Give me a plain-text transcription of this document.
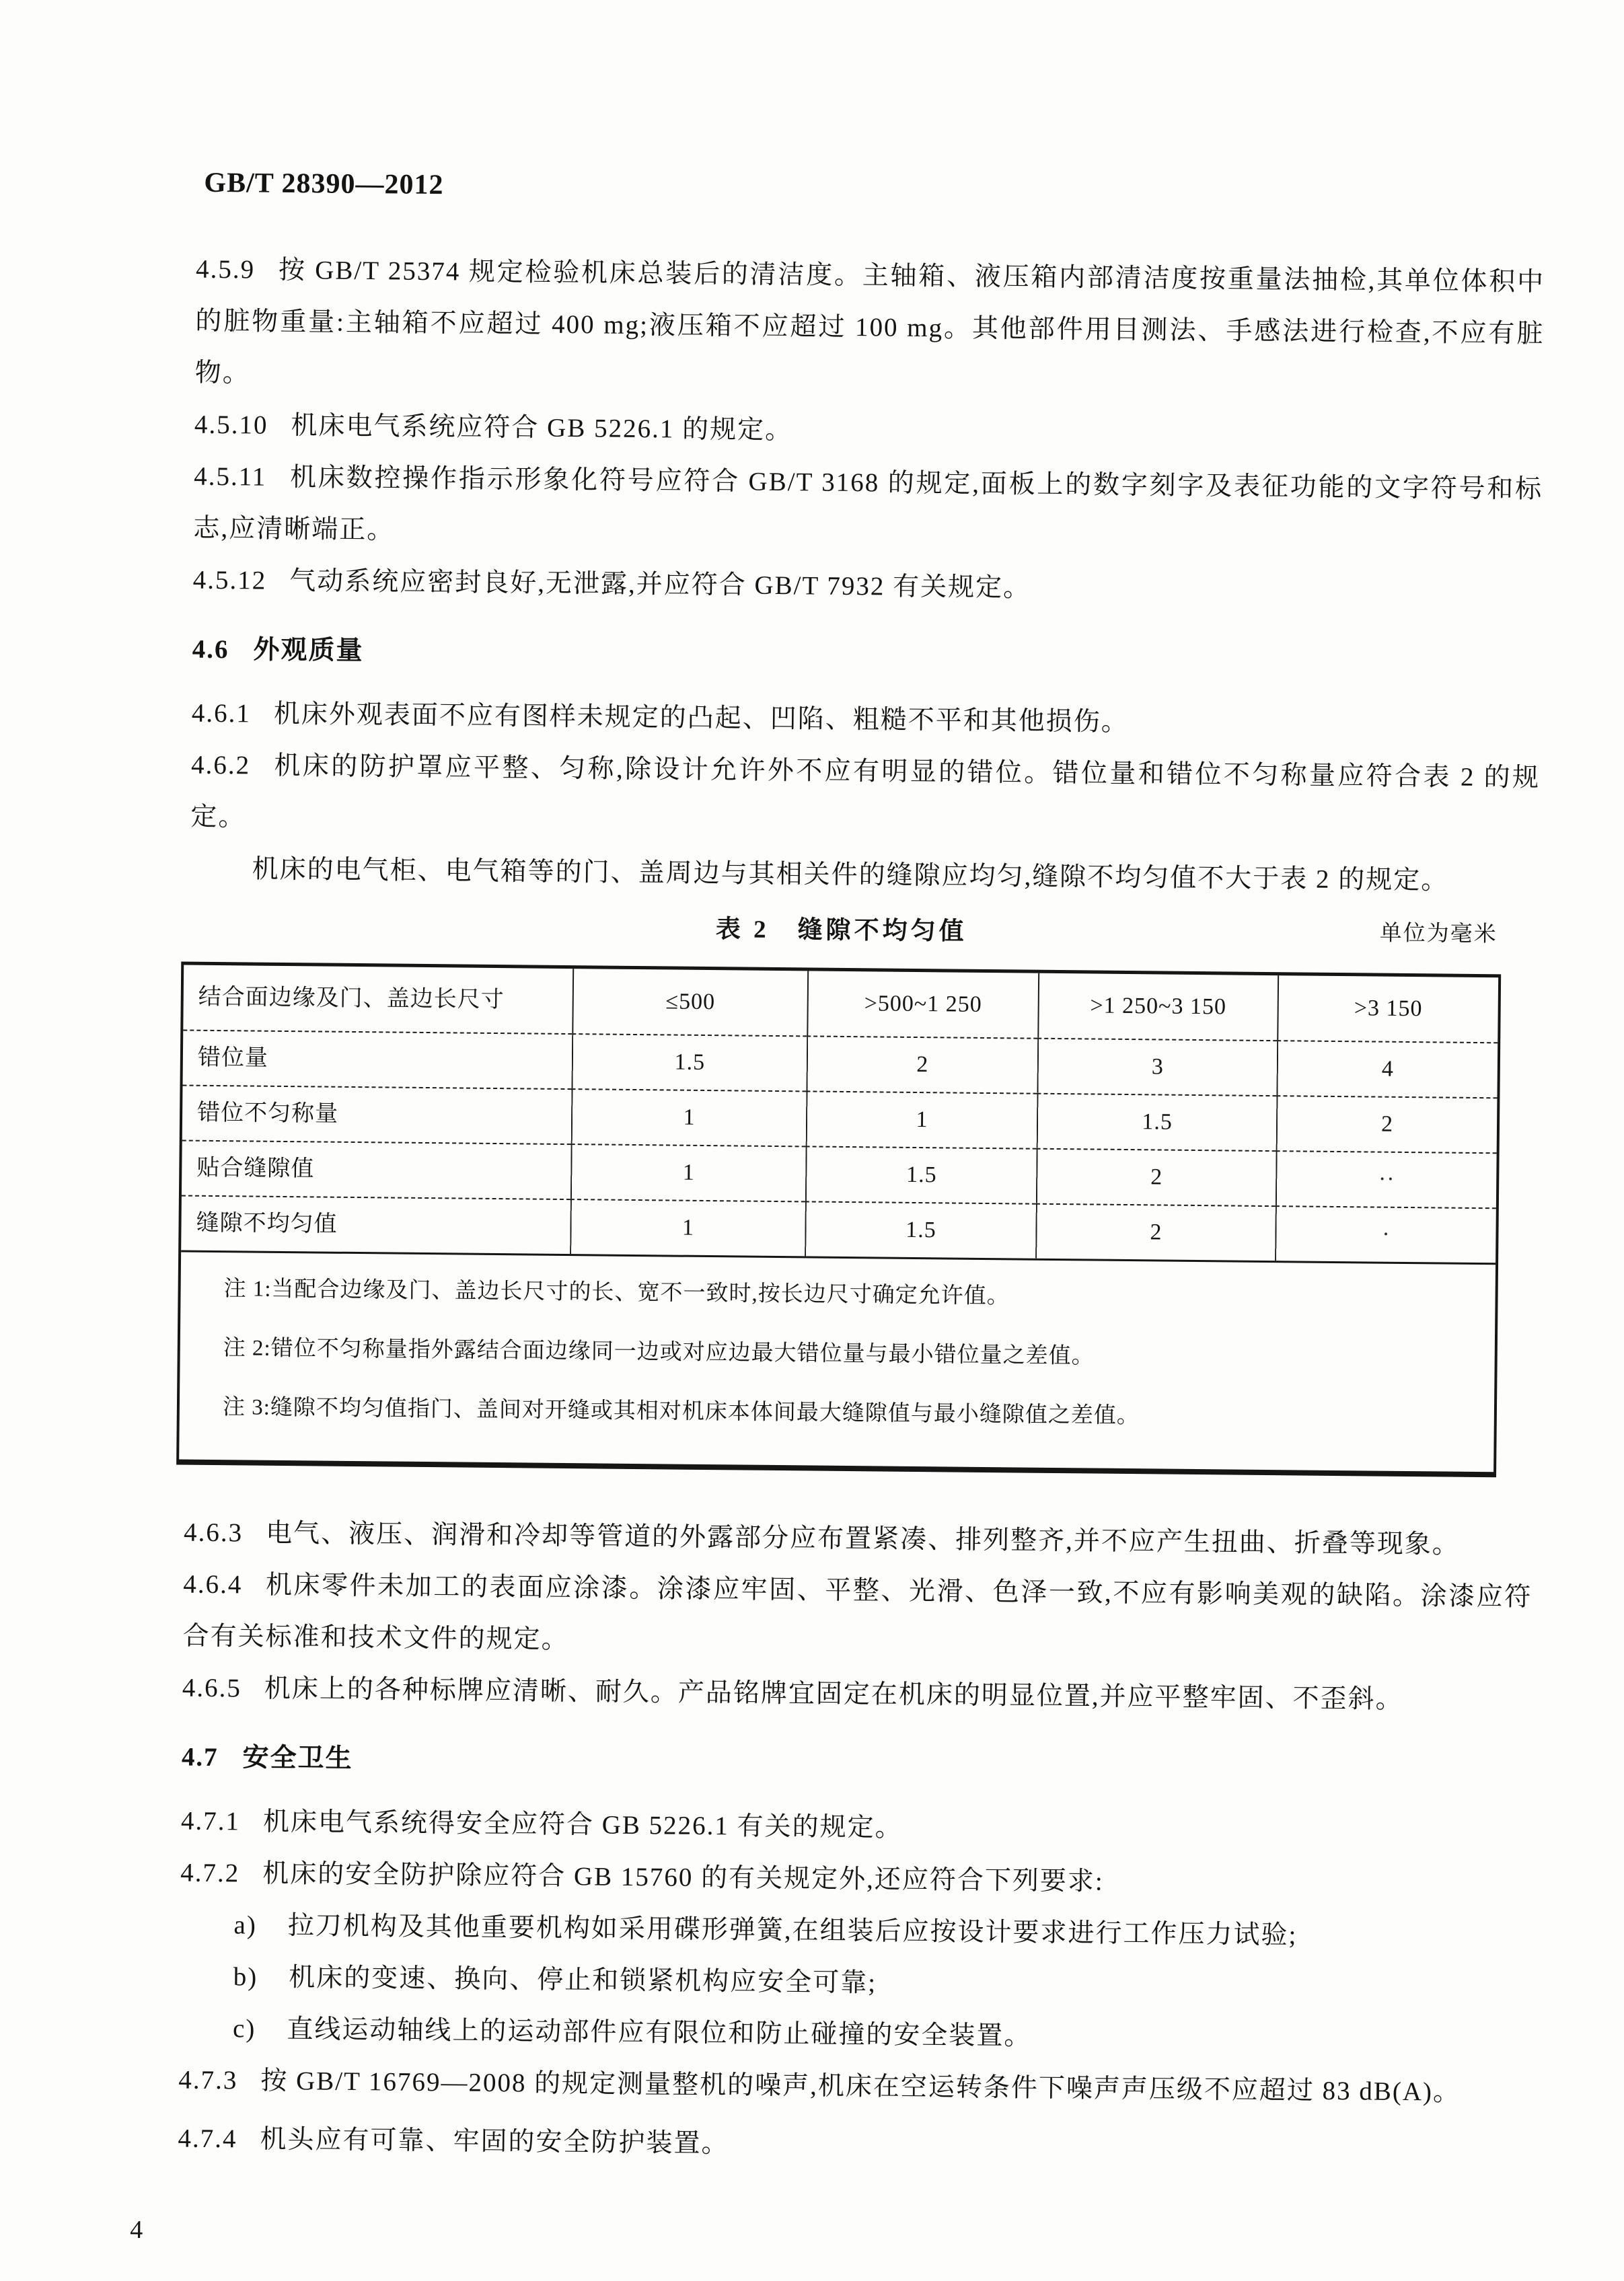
GB/T 28390—2012

4.5.9 按 GB/T 25374 规定检验机床总装后的清洁度。主轴箱、液压箱内部清洁度按重量法抽检,其单位体积中的脏物重量:主轴箱不应超过 400 mg;液压箱不应超过 100 mg。其他部件用目测法、手感法进行检查,不应有脏物。

4.5.10 机床电气系统应符合 GB 5226.1 的规定。

4.5.11 机床数控操作指示形象化符号应符合 GB/T 3168 的规定,面板上的数字刻字及表征功能的文字符号和标志,应清晰端正。

4.5.12 气动系统应密封良好,无泄露,并应符合 GB/T 7932 有关规定。

4.6 外观质量

4.6.1 机床外观表面不应有图样未规定的凸起、凹陷、粗糙不平和其他损伤。

4.6.2 机床的防护罩应平整、匀称,除设计允许外不应有明显的错位。错位量和错位不匀称量应符合表 2 的规定。

机床的电气柜、电气箱等的门、盖周边与其相关件的缝隙应均匀,缝隙不均匀值不大于表 2 的规定。

表 2　缝隙不均匀值	单位为毫米
结合面边缘及门、盖边长尺寸	≤500	>500~1 250	>1 250~3 150	>3 150
错位量	1.5	2	3	4
错位不匀称量	1	1	1.5	2
贴合缝隙值	1	1.5	2	··
缝隙不均匀值	1	1.5	2	·
注 1:当配合边缘及门、盖边长尺寸的长、宽不一致时,按长边尺寸确定允许值。
注 2:错位不匀称量指外露结合面边缘同一边或对应边最大错位量与最小错位量之差值。
注 3:缝隙不均匀值指门、盖间对开缝或其相对机床本体间最大缝隙值与最小缝隙值之差值。

4.6.3 电气、液压、润滑和冷却等管道的外露部分应布置紧凑、排列整齐,并不应产生扭曲、折叠等现象。

4.6.4 机床零件未加工的表面应涂漆。涂漆应牢固、平整、光滑、色泽一致,不应有影响美观的缺陷。涂漆应符合有关标准和技术文件的规定。

4.6.5 机床上的各种标牌应清晰、耐久。产品铭牌宜固定在机床的明显位置,并应平整牢固、不歪斜。

4.7 安全卫生

4.7.1 机床电气系统得安全应符合 GB 5226.1 有关的规定。

4.7.2 机床的安全防护除应符合 GB 15760 的有关规定外,还应符合下列要求:

a) 拉刀机构及其他重要机构如采用碟形弹簧,在组装后应按设计要求进行工作压力试验;

b) 机床的变速、换向、停止和锁紧机构应安全可靠;

c) 直线运动轴线上的运动部件应有限位和防止碰撞的安全装置。

4.7.3 按 GB/T 16769—2008 的规定测量整机的噪声,机床在空运转条件下噪声声压级不应超过 83 dB(A)。

4.7.4 机头应有可靠、牢固的安全防护装置。

4
